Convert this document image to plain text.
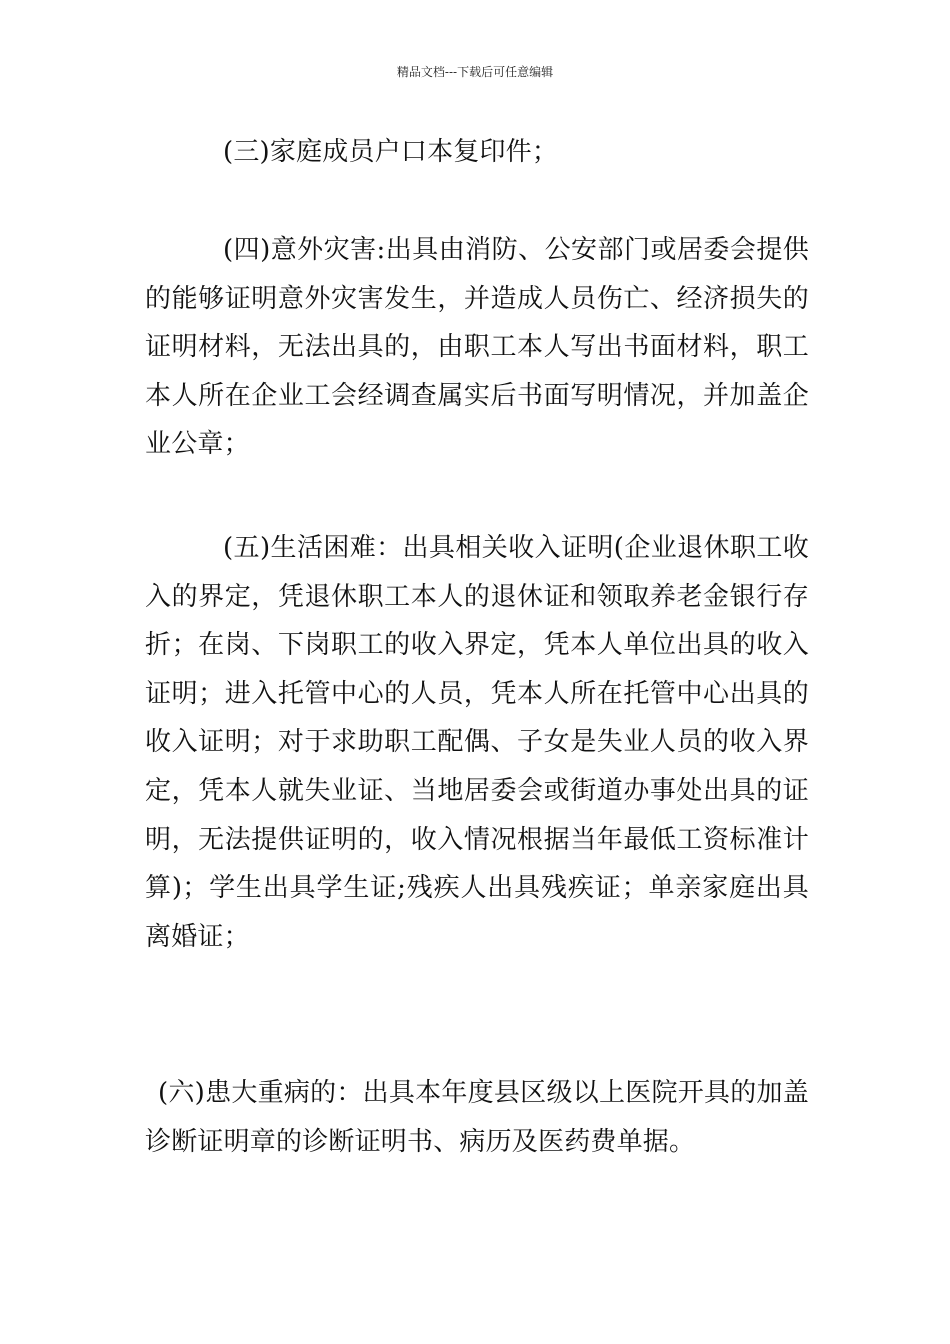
精品文档---下载后可任意编辑

(三)家庭成员户口本复印件；

(四)意外灾害:出具由消防、公安部门或居委会提供的能够证明意外灾害发生，并造成人员伤亡、经济损失的证明材料，无法出具的，由职工本人写出书面材料，职工本人所在企业工会经调查属实后书面写明情况，并加盖企业公章；

(五)生活困难：出具相关收入证明(企业退休职工收入的界定，凭退休职工本人的退休证和领取养老金银行存折；在岗、下岗职工的收入界定，凭本人单位出具的收入证明；进入托管中心的人员，凭本人所在托管中心出具的收入证明；对于求助职工配偶、子女是失业人员的收入界定，凭本人就失业证、当地居委会或街道办事处出具的证明，无法提供证明的，收入情况根据当年最低工资标准计算)；学生出具学生证;残疾人出具残疾证；单亲家庭出具离婚证；

(六)患大重病的：出具本年度县区级以上医院开具的加盖诊断证明章的诊断证明书、病历及医药费单据。
